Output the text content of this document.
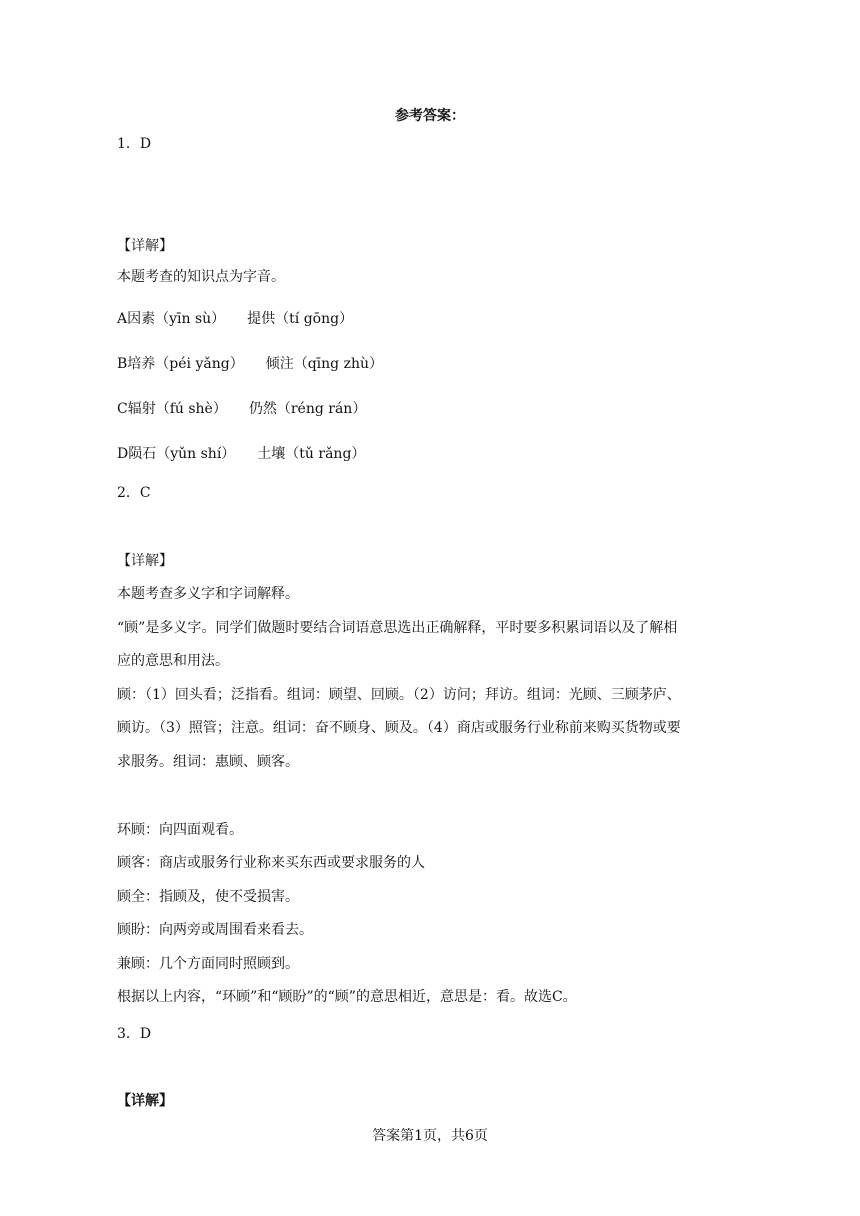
参考答案：

1．D

【详解】

本题考查的知识点为字音。

A因素（yīn sù） 提供（tí gōng）

B培养（péi yǎng） 倾注（qīng zhù）

C辐射（fú shè） 仍然（réng rán）

D陨石（yǔn shí） 土壤（tǔ rǎng）

2．C

【详解】

本题考查多义字和字词解释。

“顾”是多义字。同学们做题时要结合词语意思选出正确解释，平时要多积累词语以及了解相

应的意思和用法。

顾：（1）回头看；泛指看。组词：顾望、回顾。（2）访问；拜访。组词：光顾、三顾茅庐、

顾访。（3）照管；注意。组词：奋不顾身、顾及。（4）商店或服务行业称前来购买货物或要

求服务。组词：惠顾、顾客。

环顾：向四面观看。

顾客：商店或服务行业称来买东西或要求服务的人

顾全：指顾及，使不受损害。

顾盼：向两旁或周围看来看去。

兼顾：几个方面同时照顾到。

根据以上内容，“环顾”和“顾盼”的“顾”的意思相近，意思是：看。故选C。

3．D

【详解】

答案第1页，共6页
